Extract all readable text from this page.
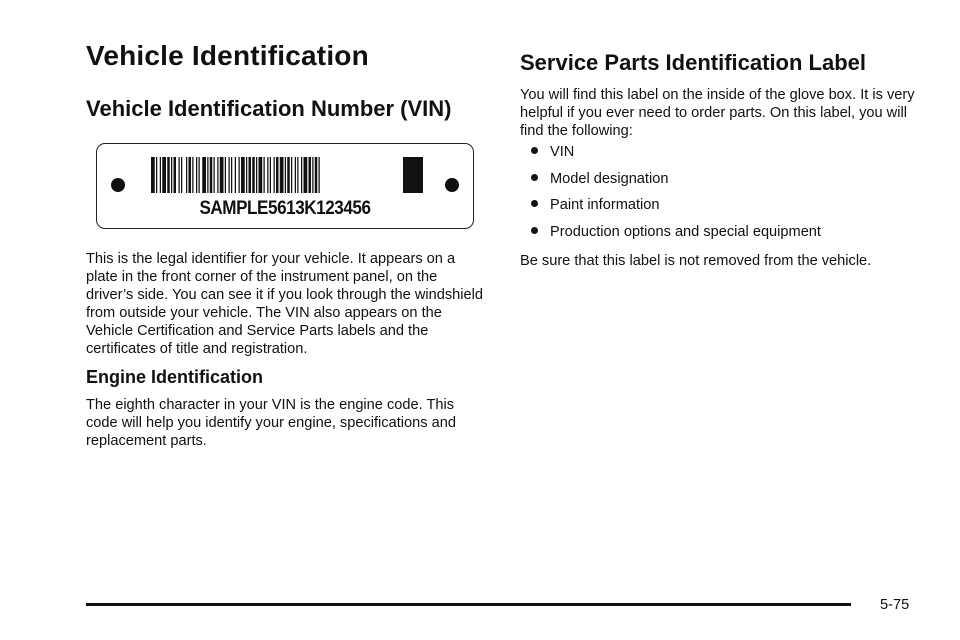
Vehicle Identification
Vehicle Identification Number (VIN)
SAMPLE5613K123456

This is the legal identifier for your vehicle. It appears on a plate in the front corner of the instrument panel, on the driver’s side. You can see it if you look through the windshield from outside your vehicle. The VIN also appears on the Vehicle Certification and Service Parts labels and the certificates of title and registration.

Engine Identification

The eighth character in your VIN is the engine code. This code will help you identify your engine, specifications and replacement parts.

Service Parts Identification Label

You will find this label on the inside of the glove box. It is very helpful if you ever need to order parts. On this label, you will find the following:

VIN
Model designation
Paint information
Production options and special equipment

Be sure that this label is not removed from the vehicle.

5-75
